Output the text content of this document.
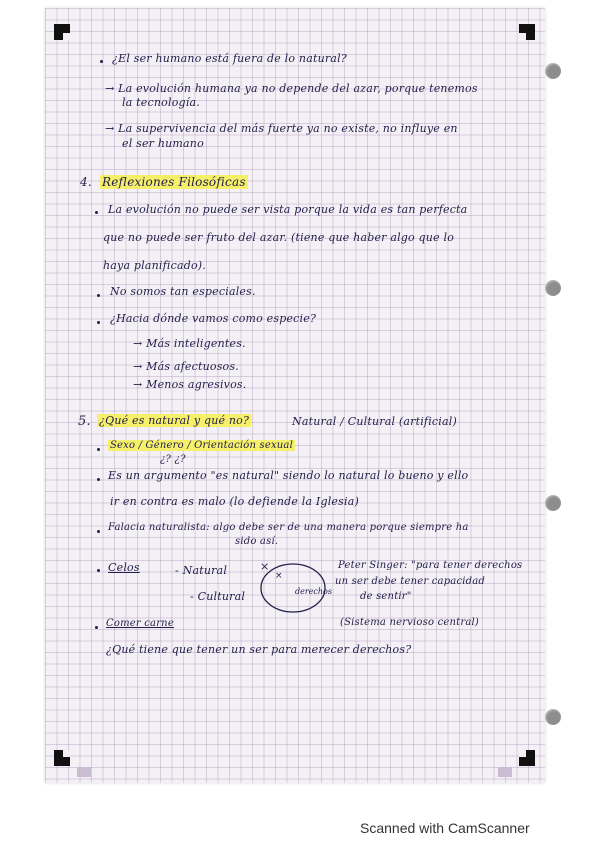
¿El ser humano está fuera de lo natural?
→ La evolución humana ya no depende del azar, porque tenemos
la tecnología.
→ La supervivencia del más fuerte ya no existe, no influye en
el ser humano
4. Reflexiones Filosóficas
La evolución no puede ser vista porque la vida es tan perfecta
que no puede ser fruto del azar. (tiene que haber algo que lo
haya planificado).
No somos tan especiales.
¿Hacia dónde vamos como especie?
→ Más inteligentes.
→ Más afectuosos.
→ Menos agresivos.
5. ¿Qué es natural y qué no?	Natural / Cultural (artificial)
Sexo / Género / Orientación sexual
¿? ¿?
Es un argumento "es natural" siendo lo natural lo bueno y ello
ir en contra es malo (lo defiende la Iglesia)
Falacia naturalista: algo debe ser de una manera porque siempre ha
sido así.
Celos	- Natural
- Cultural
×
×
derechos
Peter Singer: "para tener derechos
un ser debe tener capacidad
de sentir"
Comer carne	(Sistema nervioso central)
¿Qué tiene que tener un ser para merecer derechos?
Scanned with CamScanner
